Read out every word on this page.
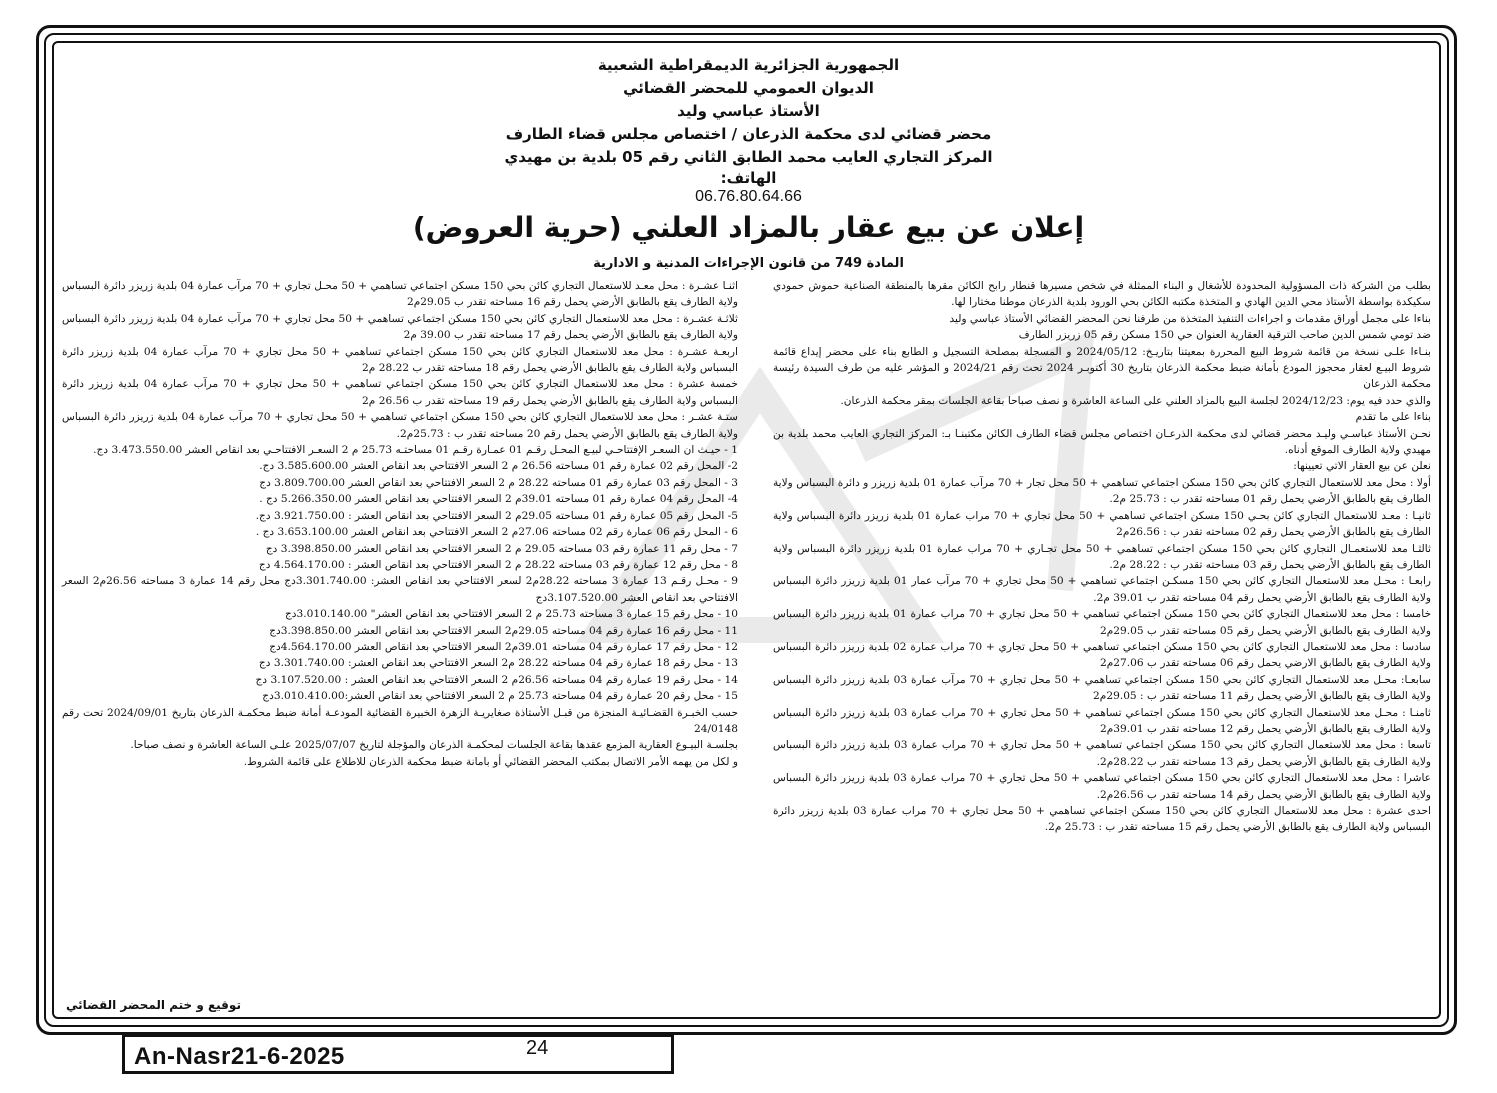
الجمهورية الجزائرية الديمقراطية الشعبية
الديوان العمومي للمحضر القضائي
الأستاذ عباسي وليد
محضر قضائي لدى محكمة الذرعان / اختصاص مجلس قضاء الطارف
المركز التجاري العايب محمد الطابق الثاني رقم 05 بلدية بن مهيدي
الهاتف:
06.76.80.64.66
إعلان عن بيع عقار بالمزاد العلني (حرية العروض)
المادة 749 من قانون الإجراءات المدنية و الادارية

بطلب من الشركة ذات المسؤولية المحدودة للأشغال و البناء الممثلة في شخص مسيرها قنطار رابح الكائن مقرها بالمنطقة الصناعية حموش حمودي سكيكدة بواسطة الأستاذ محي الدين الهادي و المتخذة مكتبه الكائن بحي الورود بلدية الذرعان موطنا مختارا لها.

بناءا على مجمل أوراق مقدمات و اجراءات التنفيذ المتخذة من طرفنا نحن المحضر القضائي الأستاذ عباسي وليد

ضد تومي شمس الدين صاحب الترقية العقارية العنوان حي 150 مسكن رقم 05 زريزر الطارف

بنـاءا علـى نسخة من قائمة شروط البيع المحررة بمعيتنا بتاريـخ: 2024/05/12 و المسجلة بمصلحة التسجيل و الطابع بناء على محضر إيداع قائمة شروط البيـع لعقار محجوز المودع بأمانة ضبط محكمة الذرعان بتاريخ 30 أكتوبـر 2024 تحت رقم 2024/21 و المؤشر عليه من طرف السيدة رئيسة محكمة الذرعان

والذي حدد فيه يوم: 2024/12/23 لجلسة البيع بالمزاد العلني على الساعة العاشرة و نصف صباحا بقاعة الجلسات بمقر محكمة الذرعان.

بناءا على ما تقدم

نحـن الأستاذ عباسـي وليـد محضر قضائي لدى محكمة الذرعـان اختصاص مجلس قضاء الطارف الكائن مكتبنـا بـ: المركز التجاري العايب محمد بلدية بن مهيدي ولاية الطارف الموقع أدناه.

نعلن عن بيع العقار الاتي تعيينها:

أولا : محل معد للاستعمال التجاري كائن بحي 150 مسكن اجتماعي تساهمي + 50 محل تجار + 70 مرآب عمارة 01 بلدية زريزر و دائرة البسباس ولاية الطارف يقع بالطابق الأرضي يحمل رقم 01 مساحته تقدر ب : 25.73 م2.

ثانيـا : معـد للاستعمال التجاري كائن بحـي 150 مسكن اجتماعي تساهمي + 50 محل تجاري + 70 مراب عمارة 01 بلدية زريزر دائرة البسباس ولاية الطارف يقع بالطابق الأرضي يحمل رقم 02 مساحته تقدر ب : 26.56م2

ثالثـا معد للاستعمـال التجاري كائن بحي 150 مسكن اجتماعي تساهمي + 50 محل تجـاري + 70 مراب عمارة 01 بلدية زريزر دائرة البسباس ولاية الطارف يقع بالطابق الأرضي يحمل رقم 03 مساحته تقدر ب : 28.22 م2.

رابعـا : محـل معد للاستعمال التجاري كائن بحي 150 مسكـن اجتماعي تساهمي + 50 محل تجاري + 70 مرآب عمار 01 بلدية زريزر دائرة البسباس ولاية الطارف يقع بالطابق الأرضي يحمل رقم 04 مساحته تقدر ب 39.01 م2.

خامسا : محل معد للاستعمال التجاري كائن بحي 150 مسكن اجتماعي تساهمي + 50 محل تجاري + 70 مراب عمارة 01 بلدية زريزر دائرة البسباس ولاية الطارف يقع بالطابق الأرضي يحمل رقم 05 مساحته تقدر ب 29.05م2

سادسا : محل معد للاستعمال التجاري كائن بحي 150 مسكن اجتماعي تساهمي + 50 محل تجاري + 70 مراب عمارة 02 بلدية زريزر دائرة البسباس ولاية الطارف يقع بالطابق الارضي يحمل رقم 06 مساحته تقدر ب 27.06م2

سابعـا: محـل معد للاستعمال التجاري كائن بحي 150 مسكن اجتماعي تساهمي + 50 محل تجاري + 70 مرآب عمارة 03 بلدية زريزر دائرة البسباس ولاية الطارف يقع بالطابق الأرضي يحمل رقم 11 مساحته تقدر ب : 29.05م2

ثامنـا : محـل معد للاستعمال التجاري كائن بحي 150 مسكن اجتماعي تساهمي + 50 محل تجاري + 70 مراب عمارة 03 بلدية زريزر دائرة البسباس ولاية الطارف يقع بالطابق الأرضي يحمل رقم 12 مساحته تقدر ب 39.01م2

تاسعا : محل معد للاستعمال التجاري كائن بحي 150 مسكن اجتماعي تساهمي + 50 محل تجاري + 70 مراب عمارة 03 بلدية زريزر دائرة البسباس ولاية الطارف يقع بالطابق الأرضي يحمل رقم 13 مساحته تقدر ب 28.22م2.

عاشرا : محل معد للاستعمال التجاري كائن بحي 150 مسكن اجتماعي تساهمي + 50 محل تجاري + 70 مراب عمارة 03 بلدية زريزر دائرة البسباس ولاية الطارف يقع بالطابق الأرضي يحمل رقم 14 مساحته تقدر ب 26.56م2.

احدى عشرة : محل معد للاستعمال التجاري كائن بحي 150 مسكن اجتماعي تساهمي + 50 محل تجاري + 70 مراب عمارة 03 بلدية زريزر دائرة البسباس ولاية الطارف يقع بالطابق الأرضي يحمل رقم 15 مساحته تقدر ب : 25.73 م2.

اثنـا عشـرة : محل معـد للاستعمال التجاري كائن بحي 150 مسكن اجتماعي تساهمي + 50 محـل تجاري + 70 مرآب عمارة 04 بلدية زريزر دائرة البسباس ولاية الطارف يقع بالطابق الأرضي يحمل رقم 16 مساحته تقدر ب 29.05م2

ثلاثـة عشـرة : محل معد للاستعمال التجاري كائن بحي 150 مسكن اجتماعي تساهمي + 50 محل تجاري + 70 مرآب عمارة 04 بلدية زريزر دائرة البسباس ولاية الطارف يقع بالطابق الأرضي يحمل رقم 17 مساحته تقدر ب 39.00 م2

اربعـة عشـرة : محل معد للاستعمال التجاري كائن بحي 150 مسكن اجتماعي تساهمي + 50 محل تجاري + 70 مرآب عمارة 04 بلدية زريزر دائرة البسباس ولاية الطارف يقع بالطابق الأرضي يحمل رقم 18 مساحته تقدر ب 28.22 م2

خمسة عشرة : محل معد للاستعمال التجاري كائن بحي 150 مسكن اجتماعي تساهمي + 50 محل تجاري + 70 مرآب عمارة 04 بلدية زريزر دائرة البسباس ولاية الطارف يقع بالطابق الأرضي يحمل رقم 19 مساحته تقدر ب 26.56 م2

ستـة عشـر : محل معد للاستعمال التجاري كائن بحي 150 مسكن اجتماعي تساهمي + 50 محل تجاري + 70 مرآب عمارة 04 بلدية زريزر دائرة البسباس ولاية الطارف يقع بالطابق الأرضي يحمل رقم 20 مساحته تقدر ب : 25.73م2.

1 - حيـث ان السعـر الإفتتاحـي لبيـع المحـل رقـم 01 عمـارة رقـم 01 مساحتـه 25.73 م 2 السعـر الافتتاحـي بعد انقاص العشر 3.473.550.00 دج.

2- المحل رقم 02 عمارة رقم 01 مساحته 26.56 م 2 السعر الافتتاحي بعد انقاص العشر 3.585.600.00 دج.

3 - المحل رقم 03 عمارة رقم 01 مساحته 28.22 م 2 السعر الافتتاحي بعد انقاص العشر 3.809.700.00 دج

4- المحل رقم 04 عمارة رقم 01 مساحته 39.01م 2 السعر الافتتاحي بعد انقاص العشر 5.266.350.00 دج .

5- المحل رقم 05 عمارة رقم 01 مساحته 29.05م 2 السعر الافتتاحي بعد انقاص العشر : 3.921.750.00 دج.

6 - المحل رقم 06 عمارة رقم 02 مساحته 27.06م 2 السعر الافتتاحي بعد انقاص العشر 3.653.100.00 دج .

7 - محل رقم 11 عمارة رقم 03 مساحته 29.05 م 2 السعر الافتتاحي بعد انقاص العشر 3.398.850.00 دج

8 - محل رقم 12 عمارة رقم 03 مساحته 28.22 م 2 السعر الافتتاحي بعد انقاص العشر : 4.564.170.00 دج

9 - محـل رقـم 13 عمارة 3 مساحته 28.22م2 لسعر الافتتاحي بعد انقاص العشر: 3.301.740.00دج محل رقم 14 عمارة 3 مساحته 26.56م2 السعر الافتتاحي بعد انقاص العشر 3.107.520.00دج

10 - محل رقم 15 عمارة 3 مساحته 25.73 م 2 السعر الافتتاحي بعد انقاص العشر" 3.010.140.00دج

11 - محل رقم 16 عمارة رقم 04 مساحته 29.05م2 السعر الافتتاحي بعد انقاص العشر 3.398.850.00دج

12 - محل رقم 17 عمارة رقم 04 مساحته 39.01م2 السعر الافتتاحي بعد انقاص العشر 4.564.170.00دج

13 - محل رقم 18 عمارة رقم 04 مساحته 28.22 م2 السعر الافتتاحي بعد انقاص العشر: 3.301.740.00 دج

14 - محل رقم 19 عمارة رقم 04 مساحته 26.56م 2 السعر الافتتاحي بعد انقاص العشر : 3.107.520.00 دج

15 - محل رقم 20 عمارة رقم 04 مساحته 25.73 م 2 السعر الافتتاحي بعد انقاص العشر:3.010.410.00دج

حسب الخبـرة القضـائيـة المنجزة من قبـل الأستاذة صغايريـة الزهرة الخبيرة القضائية المودعـة أمانة ضبط محكمـة الذرعان بتاريخ 2024/09/01 تحت رقم 24/0148

بجلسـة البيـوع العقارية المزمع عقدها بقاعة الجلسات لمحكمـة الذرعان والمؤجلة لتاريخ 2025/07/07 علـى الساعة العاشرة و نصف صباحا.

و لكل من يهمه الأمر الاتصال بمكتب المحضر القضائي أو بامانة ضبط محكمة الذرعان للاطلاع على قائمة الشروط.

توقيع و ختم المحضر القضائي
An-Nasr21-6-2025	24
